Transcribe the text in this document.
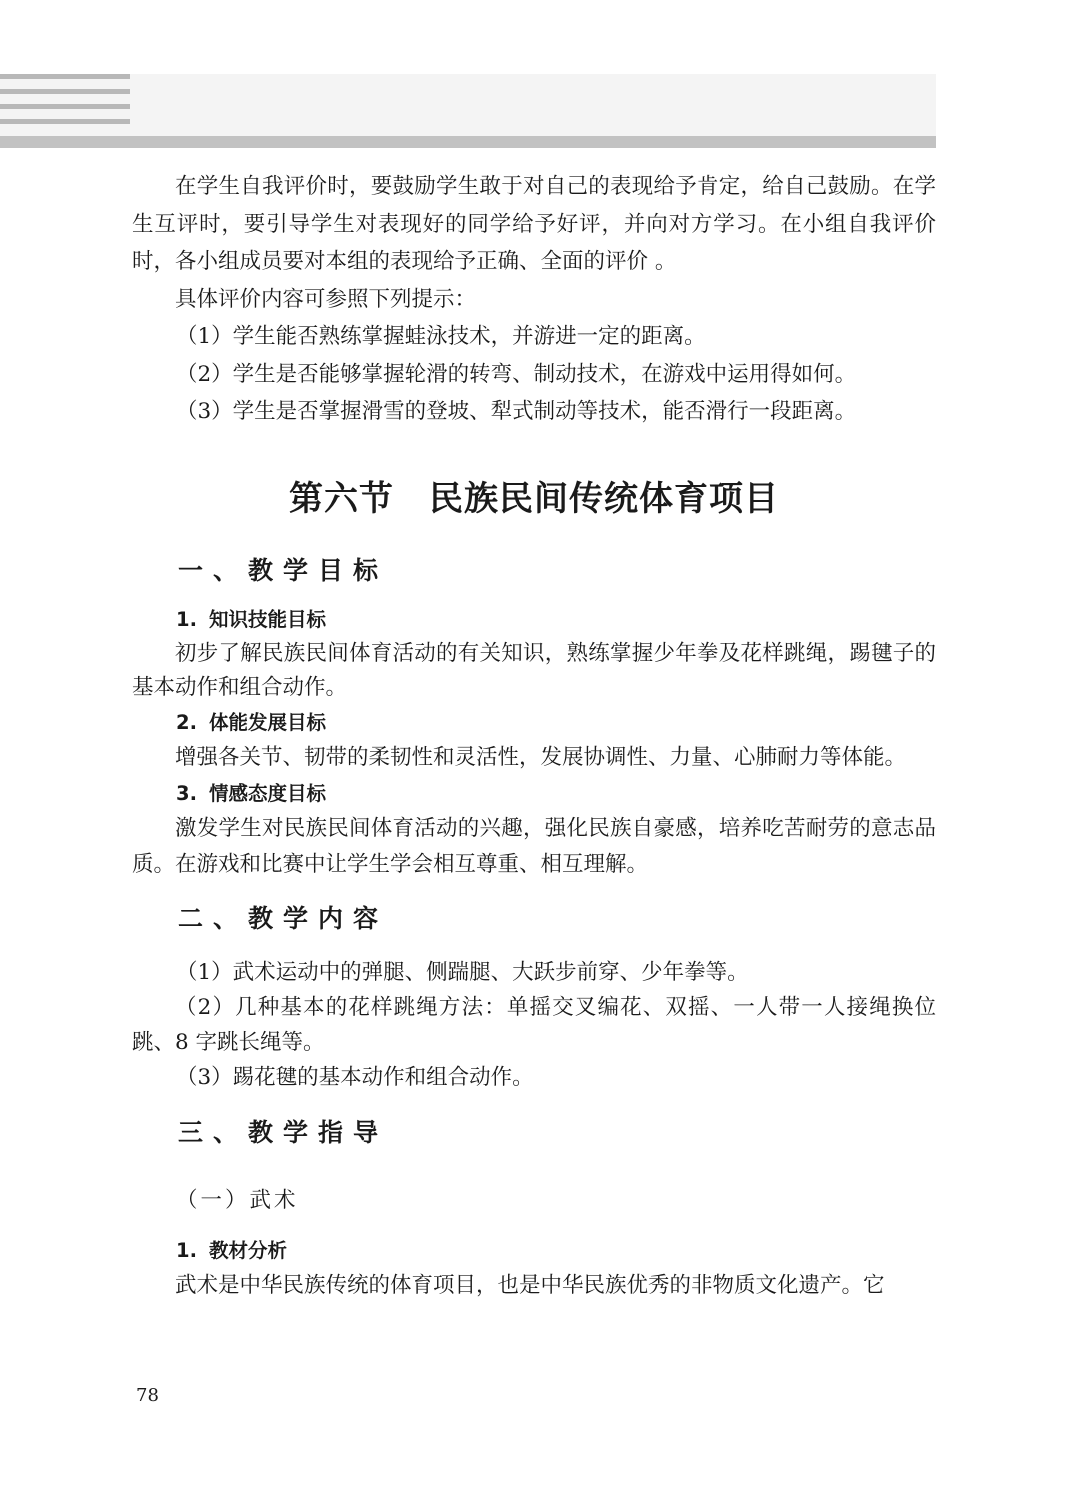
在学生自我评价时，要鼓励学生敢于对自己的表现给予肯定，给自己鼓励。在学生互评时，要引导学生对表现好的同学给予好评，并向对方学习。在小组自我评价时，各小组成员要对本组的表现给予正确、全面的评价 。

具体评价内容可参照下列提示：

（1）学生能否熟练掌握蛙泳技术，并游进一定的距离。

（2）学生是否能够掌握轮滑的转弯、制动技术，在游戏中运用得如何。

（3）学生是否掌握滑雪的登坡、犁式制动等技术，能否滑行一段距离。

第六节　民族民间传统体育项目
一、教学目标
1. 知识技能目标

初步了解民族民间体育活动的有关知识，熟练掌握少年拳及花样跳绳，踢毽子的基本动作和组合动作。

2. 体能发展目标

增强各关节、韧带的柔韧性和灵活性，发展协调性、力量、心肺耐力等体能。

3. 情感态度目标

激发学生对民族民间体育活动的兴趣，强化民族自豪感，培养吃苦耐劳的意志品质。在游戏和比赛中让学生学会相互尊重、相互理解。

二、教学内容

（1）武术运动中的弹腿、侧踹腿、大跃步前穿、少年拳等。

（2）几种基本的花样跳绳方法：单摇交叉编花、双摇、一人带一人接绳换位跳、8 字跳长绳等。

（3）踢花毽的基本动作和组合动作。

三、教学指导

（一）武术

1. 教材分析

武术是中华民族传统的体育项目，也是中华民族优秀的非物质文化遗产。它

78
